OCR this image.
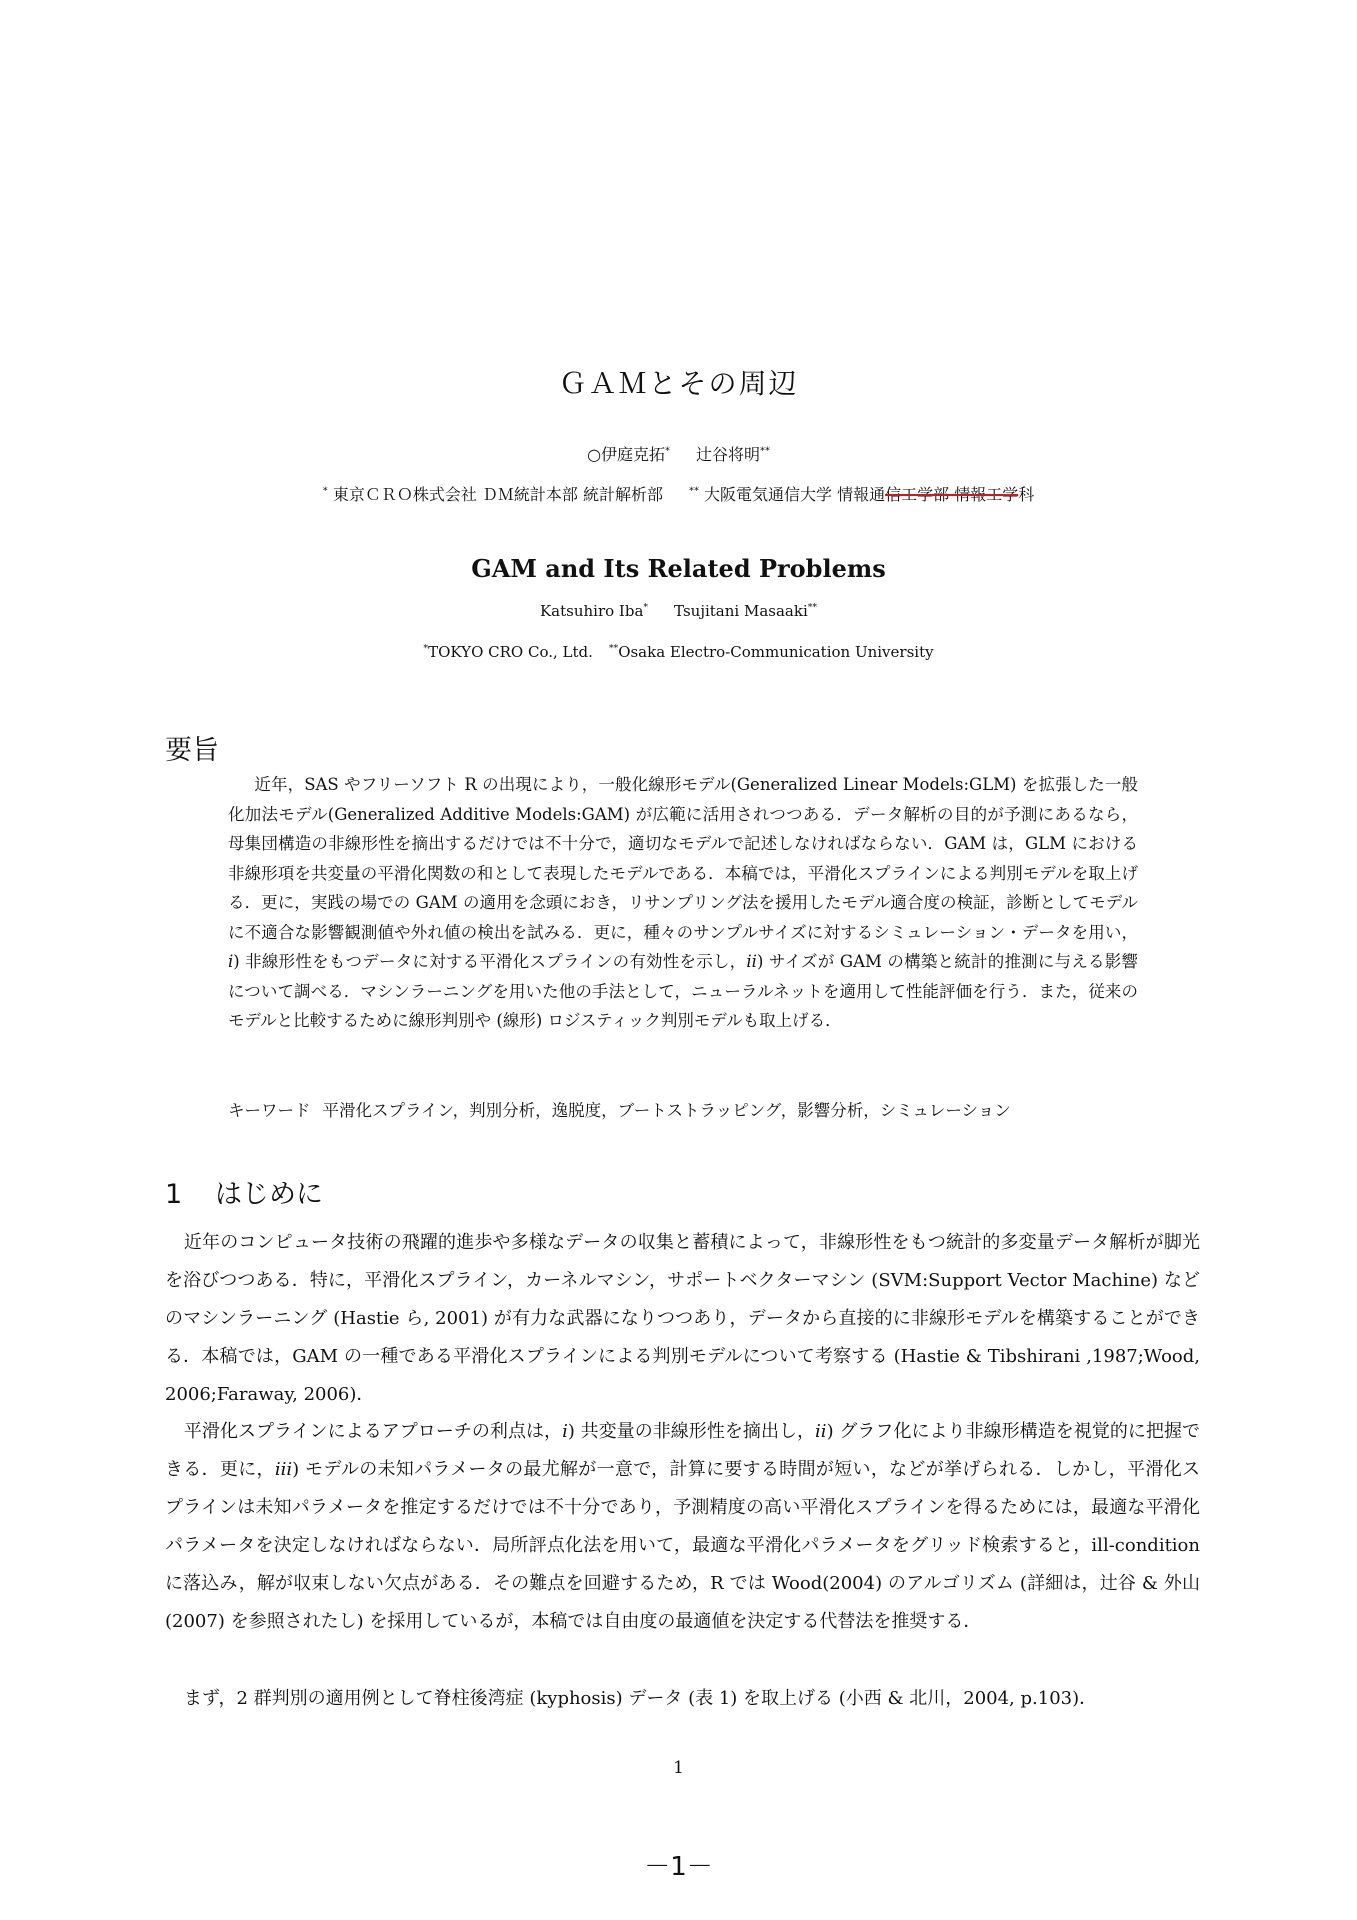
ＧＡＭとその周辺
○伊庭克拓* 辻谷将明**
* 東京ＣＲＯ株式会社 ＤＭ統計本部 統計解析部	** 大阪電気通信大学 情報通信工学部 情報工学科
GAM and Its Related Problems
Katsuhiro Iba* Tsujitani Masaaki**
*TOKYO CRO Co., Ltd. **Osaka Electro-Communication University
要旨

近年，SAS やフリーソフト R の出現により，一般化線形モデル(Generalized Linear Models:GLM) を拡張した一般化加法モデル(Generalized Additive Models:GAM) が広範に活用されつつある．データ解析の目的が予測にあるなら，母集団構造の非線形性を摘出するだけでは不十分で，適切なモデルで記述しなければならない．GAM は，GLM における非線形項を共変量の平滑化関数の和として表現したモデルである．本稿では，平滑化スプラインによる判別モデルを取上げる．更に，実践の場での GAM の適用を念頭におき，リサンプリング法を援用したモデル適合度の検証，診断としてモデルに不適合な影響観測値や外れ値の検出を試みる．更に，種々のサンプルサイズに対するシミュレーション・データを用い，i) 非線形性をもつデータに対する平滑化スプラインの有効性を示し，ii) サイズが GAM の構築と統計的推測に与える影響について調べる．マシンラーニングを用いた他の手法として，ニューラルネットを適用して性能評価を行う．また，従来のモデルと比較するために線形判別や (線形) ロジスティック判別モデルも取上げる．

キーワード 平滑化スプライン，判別分析，逸脱度，ブートストラッピング，影響分析，シミュレーション
1 はじめに

近年のコンピュータ技術の飛躍的進歩や多様なデータの収集と蓄積によって，非線形性をもつ統計的多変量データ解析が脚光を浴びつつある．特に，平滑化スプライン，カーネルマシン，サポートベクターマシン (SVM:Support Vector Machine) などのマシンラーニング (Hastie ら, 2001) が有力な武器になりつつあり，データから直接的に非線形モデルを構築することができる．本稿では，GAM の一種である平滑化スプラインによる判別モデルについて考察する (Hastie & Tibshirani ,1987;Wood, 2006;Faraway, 2006)．

平滑化スプラインによるアプローチの利点は，i) 共変量の非線形性を摘出し，ii) グラフ化により非線形構造を視覚的に把握できる．更に，iii) モデルの未知パラメータの最尤解が一意で，計算に要する時間が短い，などが挙げられる．しかし，平滑化スプラインは未知パラメータを推定するだけでは不十分であり，予測精度の高い平滑化スプラインを得るためには，最適な平滑化パラメータを決定しなければならない．局所評点化法を用いて，最適な平滑化パラメータをグリッド検索すると，ill-condition に落込み，解が収束しない欠点がある．その難点を回避するため，R では Wood(2004) のアルゴリズム (詳細は，辻谷 & 外山 (2007) を参照されたし) を採用しているが，本稿では自由度の最適値を決定する代替法を推奨する．

まず，2 群判別の適用例として脊柱後湾症 (kyphosis) データ (表 1) を取上げる (小西 & 北川，2004, p.103)．

1
－1－
